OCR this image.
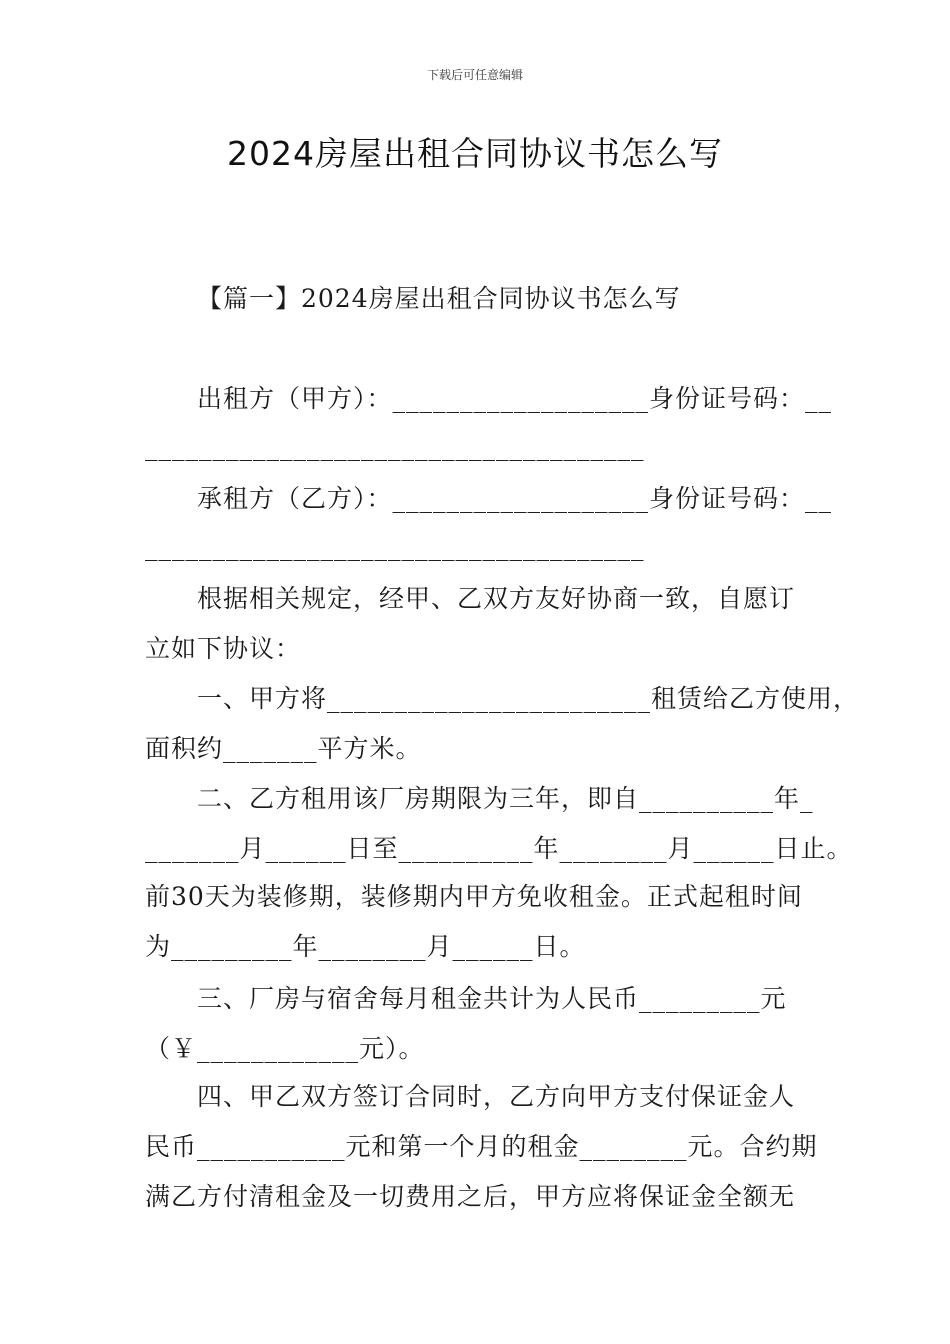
下载后可任意编辑
2024房屋出租合同协议书怎么写
【篇一】2024房屋出租合同协议书怎么写
出租方（甲方）：___________________身份证号码：__
_____________________________________
承租方（乙方）：___________________身份证号码：__
_____________________________________
根据相关规定，经甲、乙双方友好协商一致，自愿订
立如下协议：
一、甲方将________________________租赁给乙方使用，
面积约_______平方米。
二、乙方租用该厂房期限为三年，即自__________年_
_______月______日至__________年________月______日止。
前30天为装修期，装修期内甲方免收租金。正式起租时间
为_________年________月______日。
三、厂房与宿舍每月租金共计为人民币_________元
（￥____________元）。
四、甲乙双方签订合同时，乙方向甲方支付保证金人
民币___________元和第一个月的租金________元。合约期
满乙方付清租金及一切费用之后，甲方应将保证金全额无
